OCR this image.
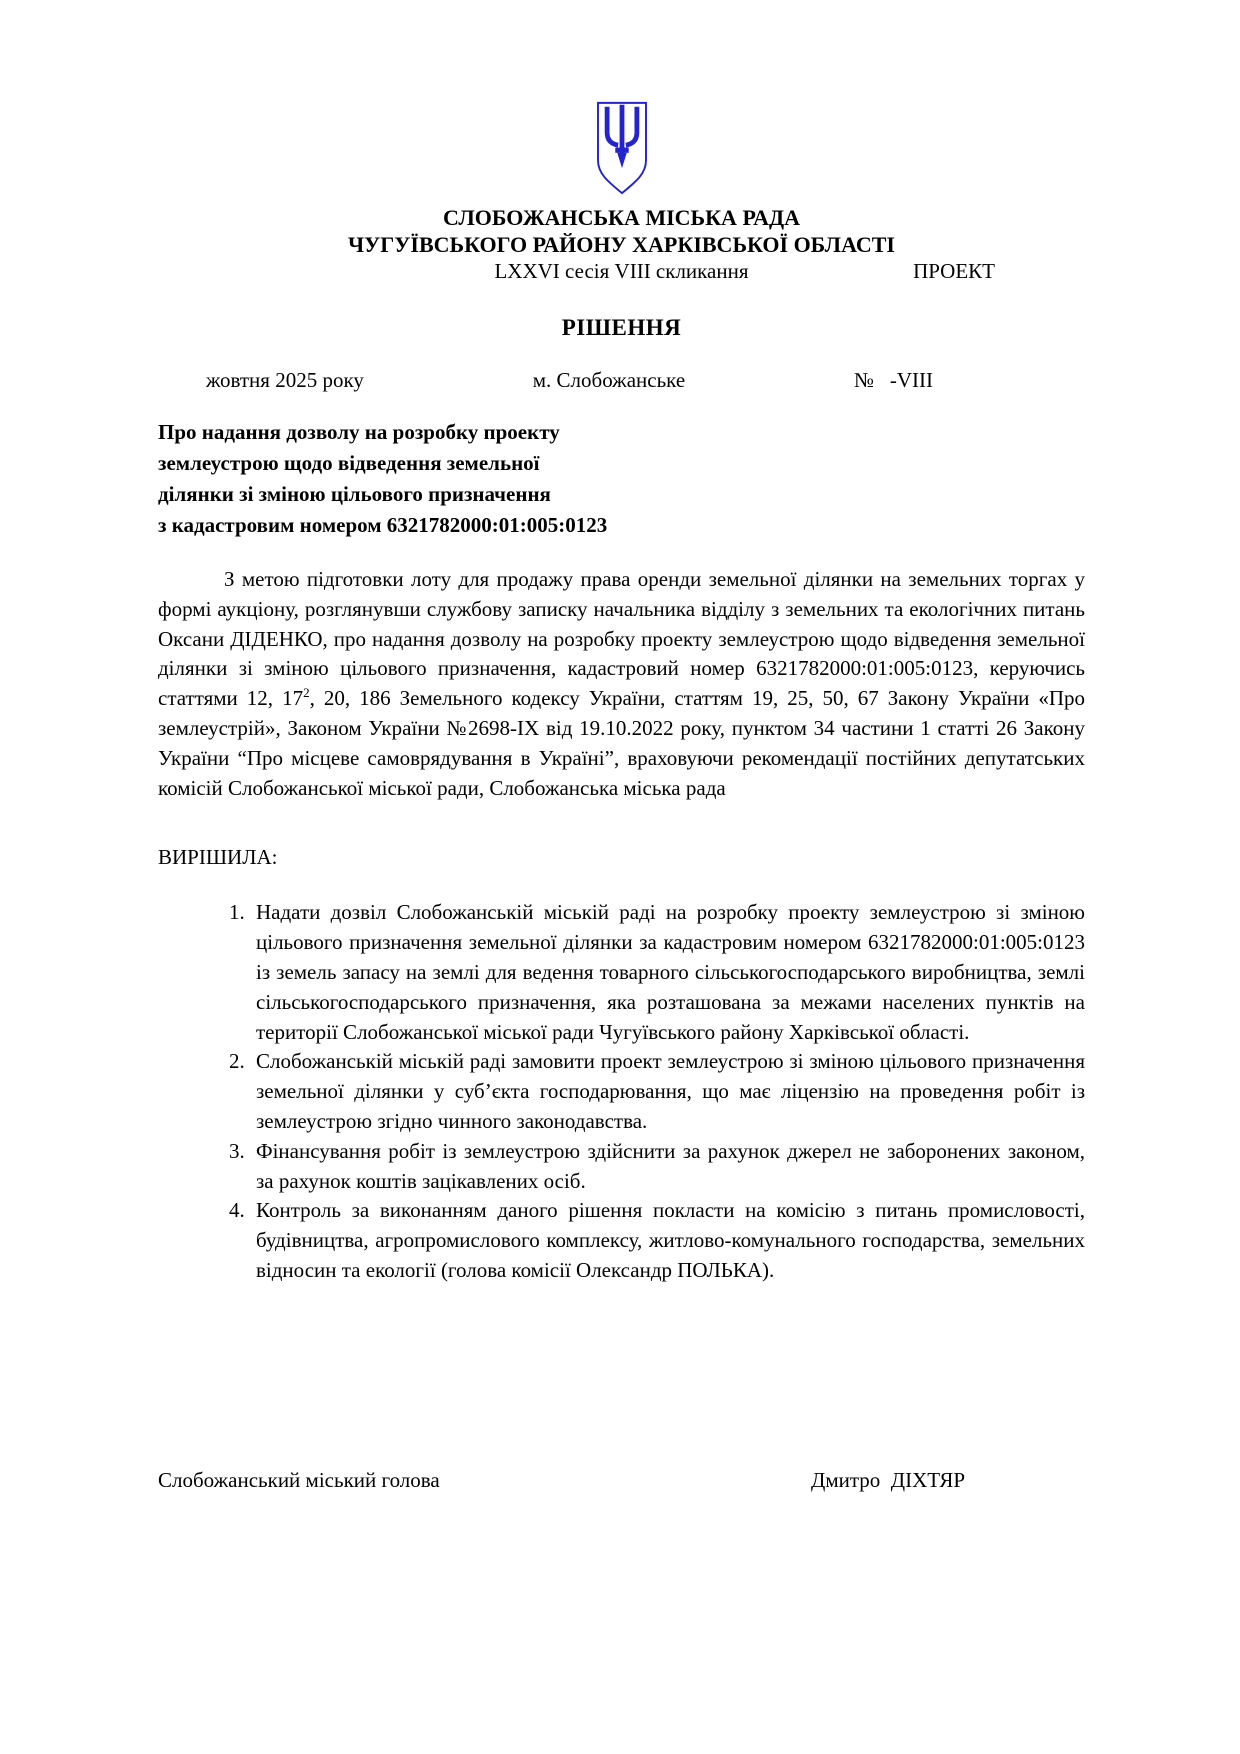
СЛОБОЖАНСЬКА МІСЬКА РАДА
ЧУГУЇВСЬКОГО РАЙОНУ ХАРКІВСЬКОЇ ОБЛАСТІ
LXXVI сесія VIII скликання	ПРОЕКТ
РІШЕННЯ
жовтня 2025 року	м. Слобожанське	№   -VIII
Про надання дозволу на розробку проекту
землеустрою щодо відведення земельної
ділянки зі зміною цільового призначення
з кадастровим номером 6321782000:01:005:0123

З метою підготовки лоту для продажу права оренди земельної ділянки на земельних торгах у формі аукціону, розглянувши службову записку начальника відділу з земельних та екологічних питань Оксани ДІДЕНКО, про надання дозволу на розробку проекту землеустрою щодо відведення земельної ділянки зі зміною цільового призначення, кадастровий номер 6321782000:01:005:0123, керуючись статтями 12, $17^2$, 20, 186 Земельного кодексу України, статтям 19, 25, 50, 67 Закону України «Про землеустрій», Законом України №2698-IX від 19.10.2022 року, пунктом 34 частини 1 статті 26 Закону України “Про місцеве самоврядування в Україні”, враховуючи рекомендації постійних депутатських комісій Слобожанської міської ради, Слобожанська міська рада

ВИРІШИЛА:
1. Надати дозвіл Слобожанській міській раді на розробку проекту землеустрою зі зміною цільового призначення земельної ділянки за кадастровим номером 6321782000:01:005:0123 із земель запасу на землі для ведення товарного сільськогосподарського виробництва, землі сільськогосподарського призначення, яка розташована за межами населених пунктів на території Слобожанської міської ради Чугуївського району Харківської області.
2. Слобожанській міській раді замовити проект землеустрою зі зміною цільового призначення земельної ділянки у суб’єкта господарювання, що має ліцензію на проведення робіт із землеустрою згідно чинного законодавства.
3. Фінансування робіт із землеустрою здійснити за рахунок джерел не заборонених законом, за рахунок коштів зацікавлених осіб.
4. Контроль за виконанням даного рішення покласти на комісію з питань промисловості, будівництва, агропромислового комплексу, житлово-комунального господарства, земельних відносин та екології (голова комісії Олександр ПОЛЬКА).
Слобожанський міський голова	Дмитро  ДІХТЯР
